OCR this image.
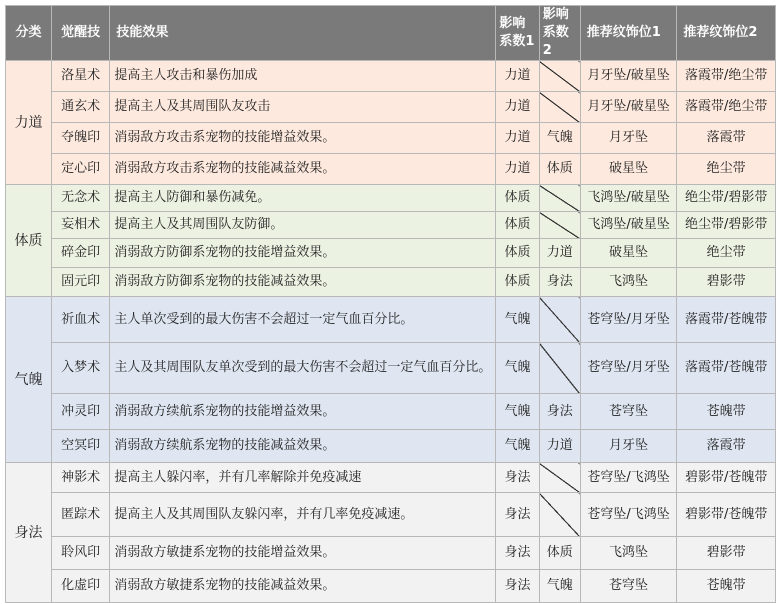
分类	觉醒技	技能效果	影响系数1	影响系数2	推荐纹饰位1	推荐纹饰位2
力道	洛星术	提高主人攻击和暴伤加成	力道		月牙坠/破星坠	落霞带/绝尘带
	通玄术	提高主人及其周围队友攻击	力道		月牙坠/破星坠	落霞带/绝尘带
	夺魄印	消弱敌方攻击系宠物的技能增益效果。	力道	气魄	月牙坠	落霞带
	定心印	消弱敌方攻击系宠物的技能减益效果。	力道	体质	破星坠	绝尘带
体质	无念术	提高主人防御和暴伤减免。	体质		飞鸿坠/破星坠	绝尘带/碧影带
	妄相术	提高主人及其周围队友防御。	体质		飞鸿坠/破星坠	绝尘带/碧影带
	碎金印	消弱敌方防御系宠物的技能增益效果。	体质	力道	破星坠	绝尘带
	固元印	消弱敌方防御系宠物的技能减益效果。	体质	身法	飞鸿坠	碧影带
气魄	祈血术	主人单次受到的最大伤害不会超过一定气血百分比。	气魄		苍穹坠/月牙坠	落霞带/苍魄带
	入梦术	主人及其周围队友单次受到的最大伤害不会超过一定气血百分比。	气魄		苍穹坠/月牙坠	落霞带/苍魄带
	冲灵印	消弱敌方续航系宠物的技能增益效果。	气魄	身法	苍穹坠	苍魄带
	空冥印	消弱敌方续航系宠物的技能减益效果。	气魄	力道	月牙坠	落霞带
身法	神影术	提高主人躲闪率，并有几率解除并免疫减速	身法		苍穹坠/飞鸿坠	碧影带/苍魄带
	匿踪术	提高主人及其周围队友躲闪率，并有几率免疫减速。	身法		苍穹坠/飞鸿坠	碧影带/苍魄带
	聆风印	消弱敌方敏捷系宠物的技能增益效果。	身法	体质	飞鸿坠	碧影带
	化虚印	消弱敌方敏捷系宠物的技能减益效果。	身法	气魄	苍穹坠	苍魄带
